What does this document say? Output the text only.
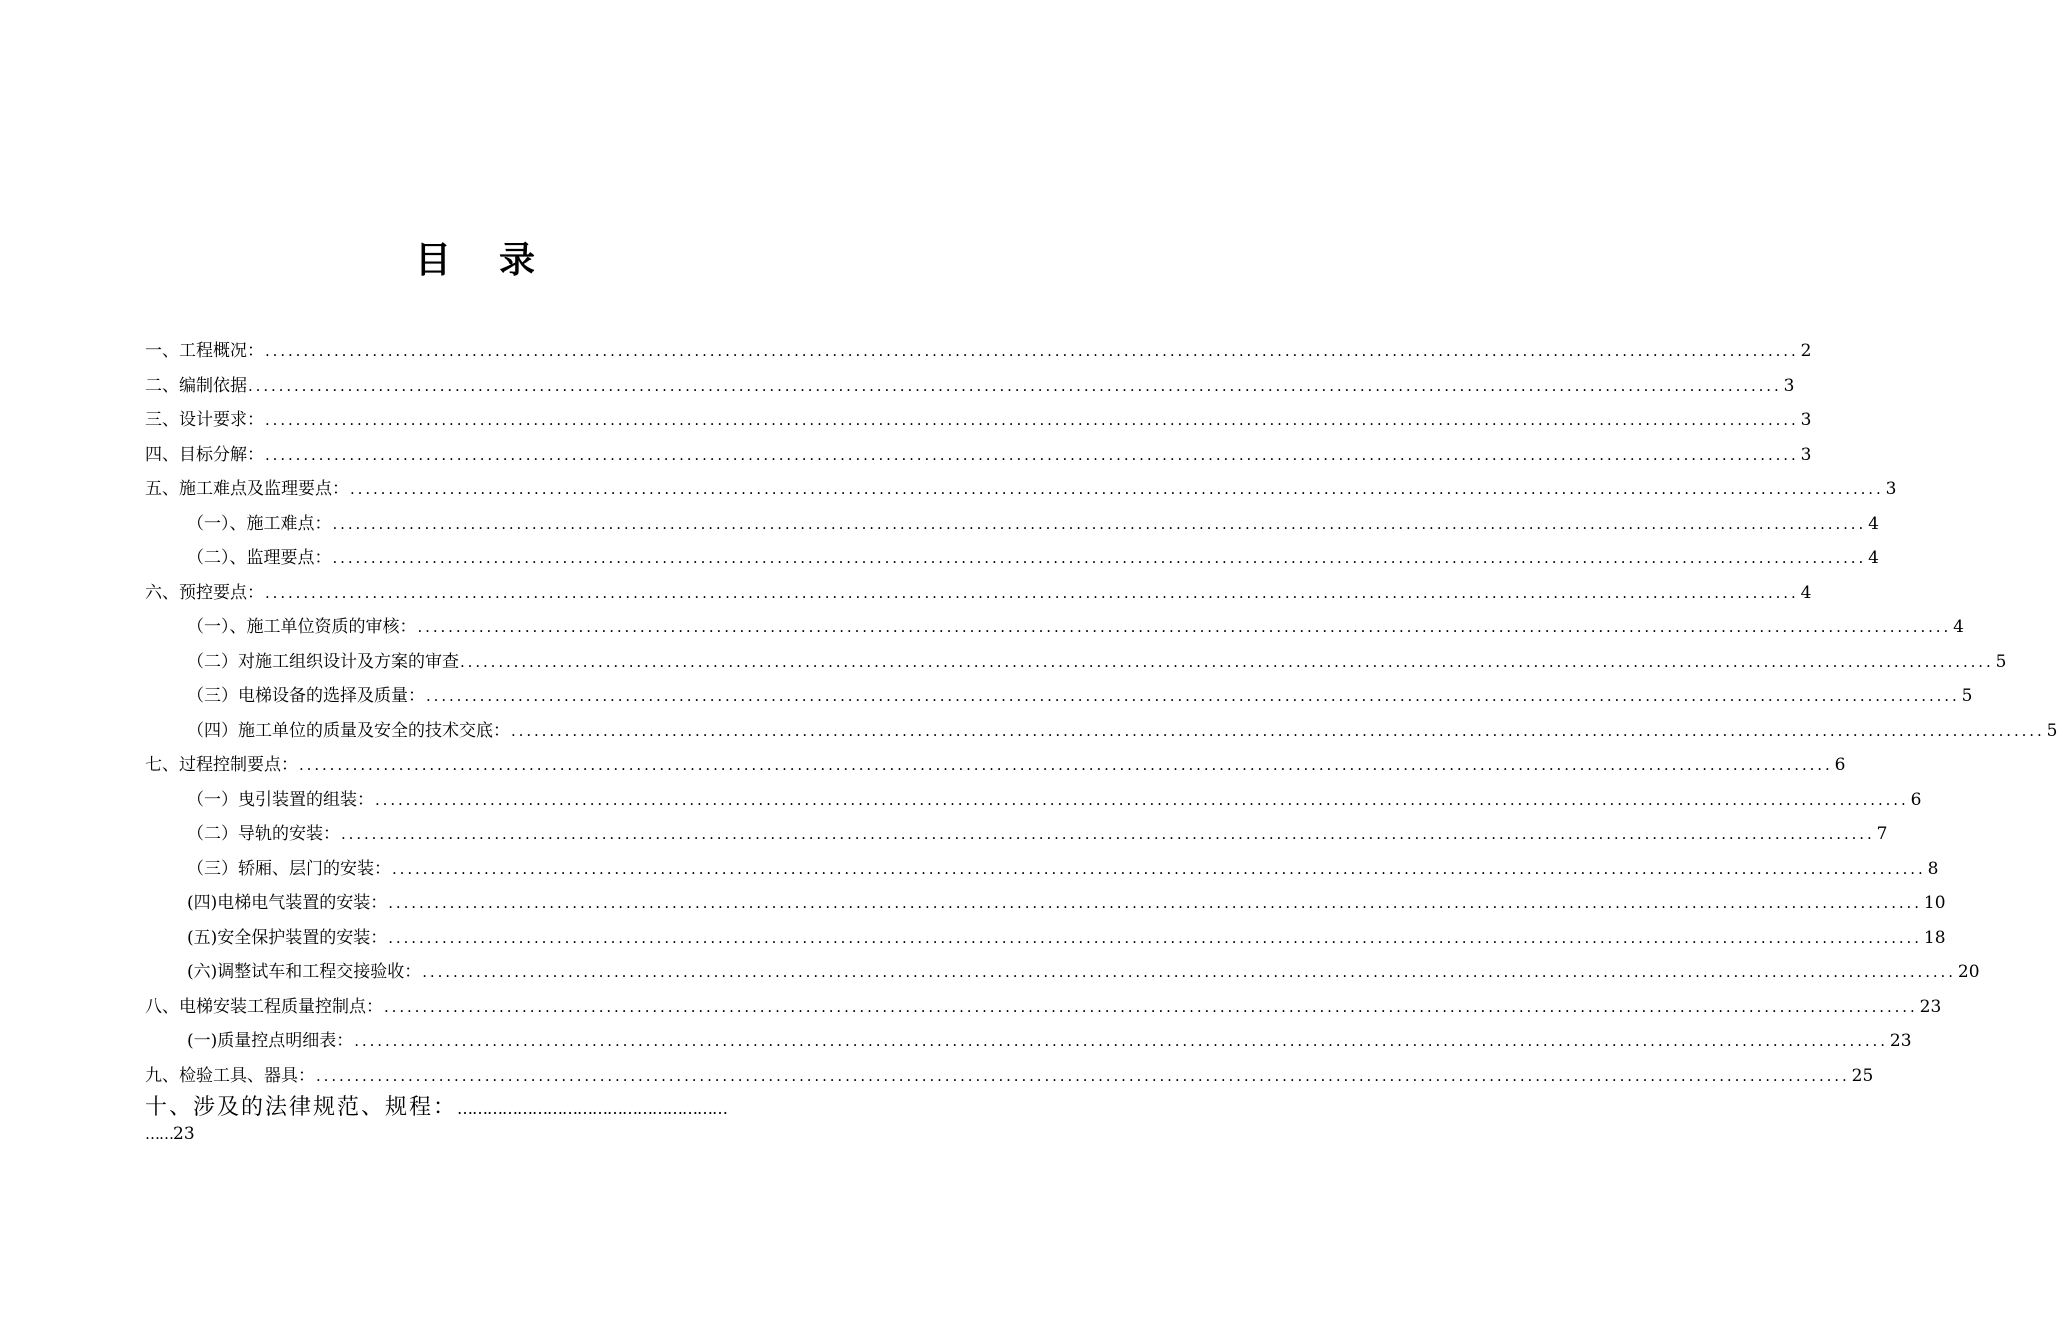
目 录
一、工程概况： ........................................................................................................................................................................................................ 2
二、编制依据 ........................................................................................................................................................................................................ 3
三、设计要求： ........................................................................................................................................................................................................ 3
四、目标分解： ........................................................................................................................................................................................................ 3
五、施工难点及监理要点： ........................................................................................................................................................................................................ 3
（一）、施工难点： ........................................................................................................................................................................................................ 4
（二）、监理要点： ........................................................................................................................................................................................................ 4
六、预控要点： ........................................................................................................................................................................................................ 4
（一）、施工单位资质的审核： ........................................................................................................................................................................................................ 4
（二）对施工组织设计及方案的审查 ........................................................................................................................................................................................................ 5
（三）电梯设备的选择及质量： ........................................................................................................................................................................................................ 5
（四）施工单位的质量及安全的技术交底： ........................................................................................................................................................................................................ 5
七、过程控制要点： ........................................................................................................................................................................................................ 6
（一）曳引装置的组装： ........................................................................................................................................................................................................ 6
（二）导轨的安装： ........................................................................................................................................................................................................ 7
（三）轿厢、层门的安装： ........................................................................................................................................................................................................ 8
(四)电梯电气装置的安装： ........................................................................................................................................................................................................ 10
(五)安全保护装置的安装： ........................................................................................................................................................................................................ 18
(六)调整试车和工程交接验收： ........................................................................................................................................................................................................ 20
八、电梯安装工程质量控制点： ........................................................................................................................................................................................................ 23
(一)质量控点明细表： ........................................................................................................................................................................................................ 23
九、检验工具、器具： ........................................................................................................................................................................................................ 25
十、涉及的法律规范、规程：………………………………………………
……23
